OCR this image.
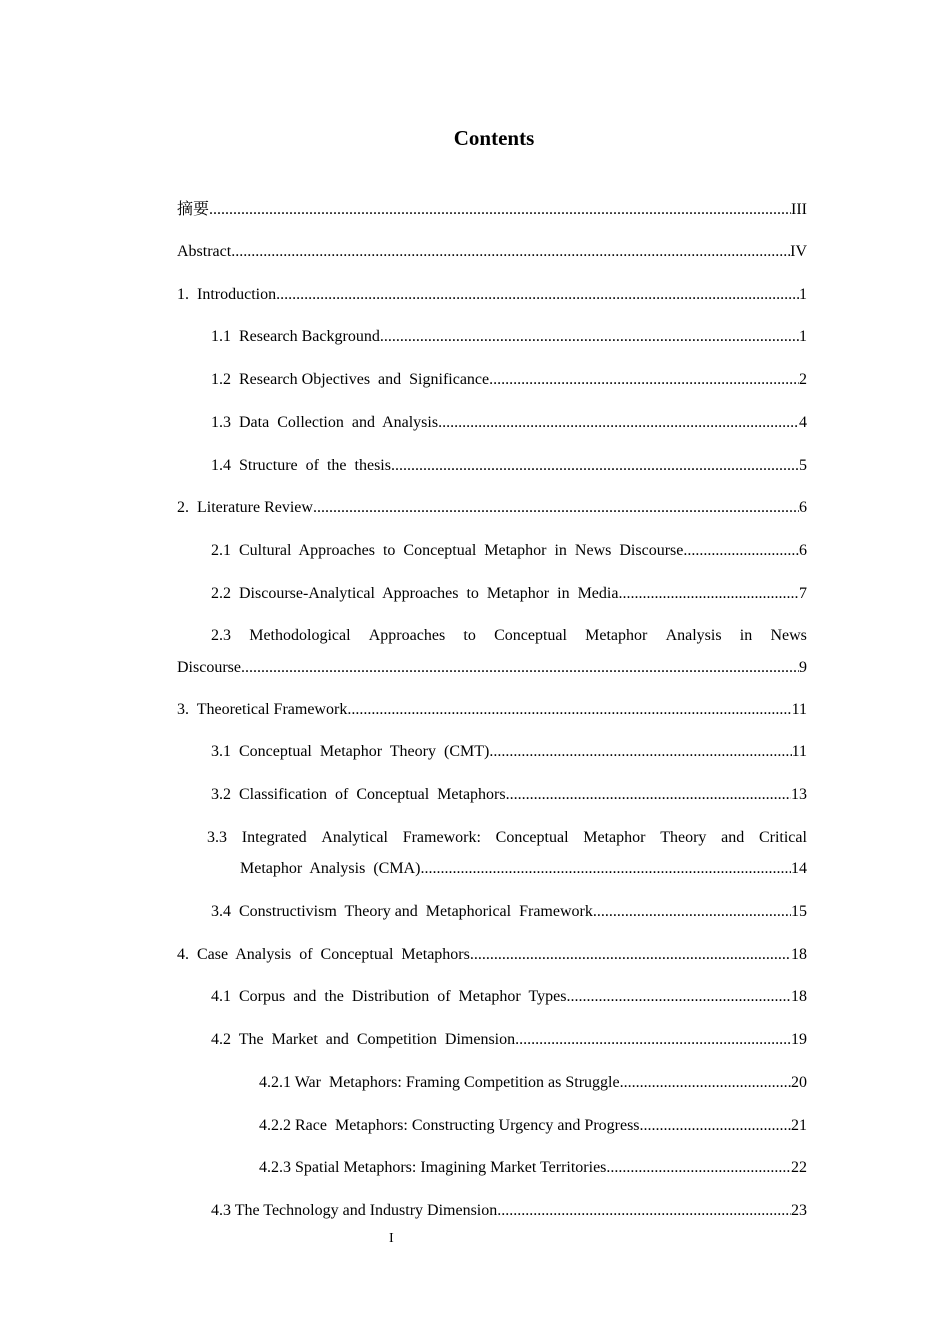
Contents
摘要 .....	III
Abstract .....	IV
1.  Introduction .....	1
1.1  Research Background .....	1
1.2  Research Objectives  and  Significance .....	2
1.3  Data  Collection  and  Analysis .....	4
1.4  Structure  of  the  thesis .....	5
2.  Literature Review .....	6
2.1  Cultural  Approaches  to  Conceptual  Metaphor  in  News  Discourse .....	6
2.2  Discourse-Analytical  Approaches  to  Metaphor  in  Media .....	7
2.3 Methodological Approaches to Conceptual Metaphor Analysis in News
Discourse .....	9
3.  Theoretical Framework .....	11
3.1  Conceptual  Metaphor  Theory  (CMT) .....	11
3.2  Classification  of  Conceptual  Metaphors .....	13
3.3 Integrated Analytical Framework: Conceptual Metaphor Theory and Critical
Metaphor  Analysis  (CMA) .....	14
3.4  Constructivism  Theory and  Metaphorical  Framework .....	15
4.  Case  Analysis  of  Conceptual  Metaphors .....	18
4.1  Corpus  and  the  Distribution  of  Metaphor  Types .....	18
4.2  The  Market  and  Competition  Dimension .....	19
4.2.1 War  Metaphors: Framing Competition as Struggle .....	20
4.2.2 Race  Metaphors: Constructing Urgency and Progress .....	21
4.2.3 Spatial Metaphors: Imagining Market Territories .....	22
4.3 The Technology and Industry Dimension .....	23
I
